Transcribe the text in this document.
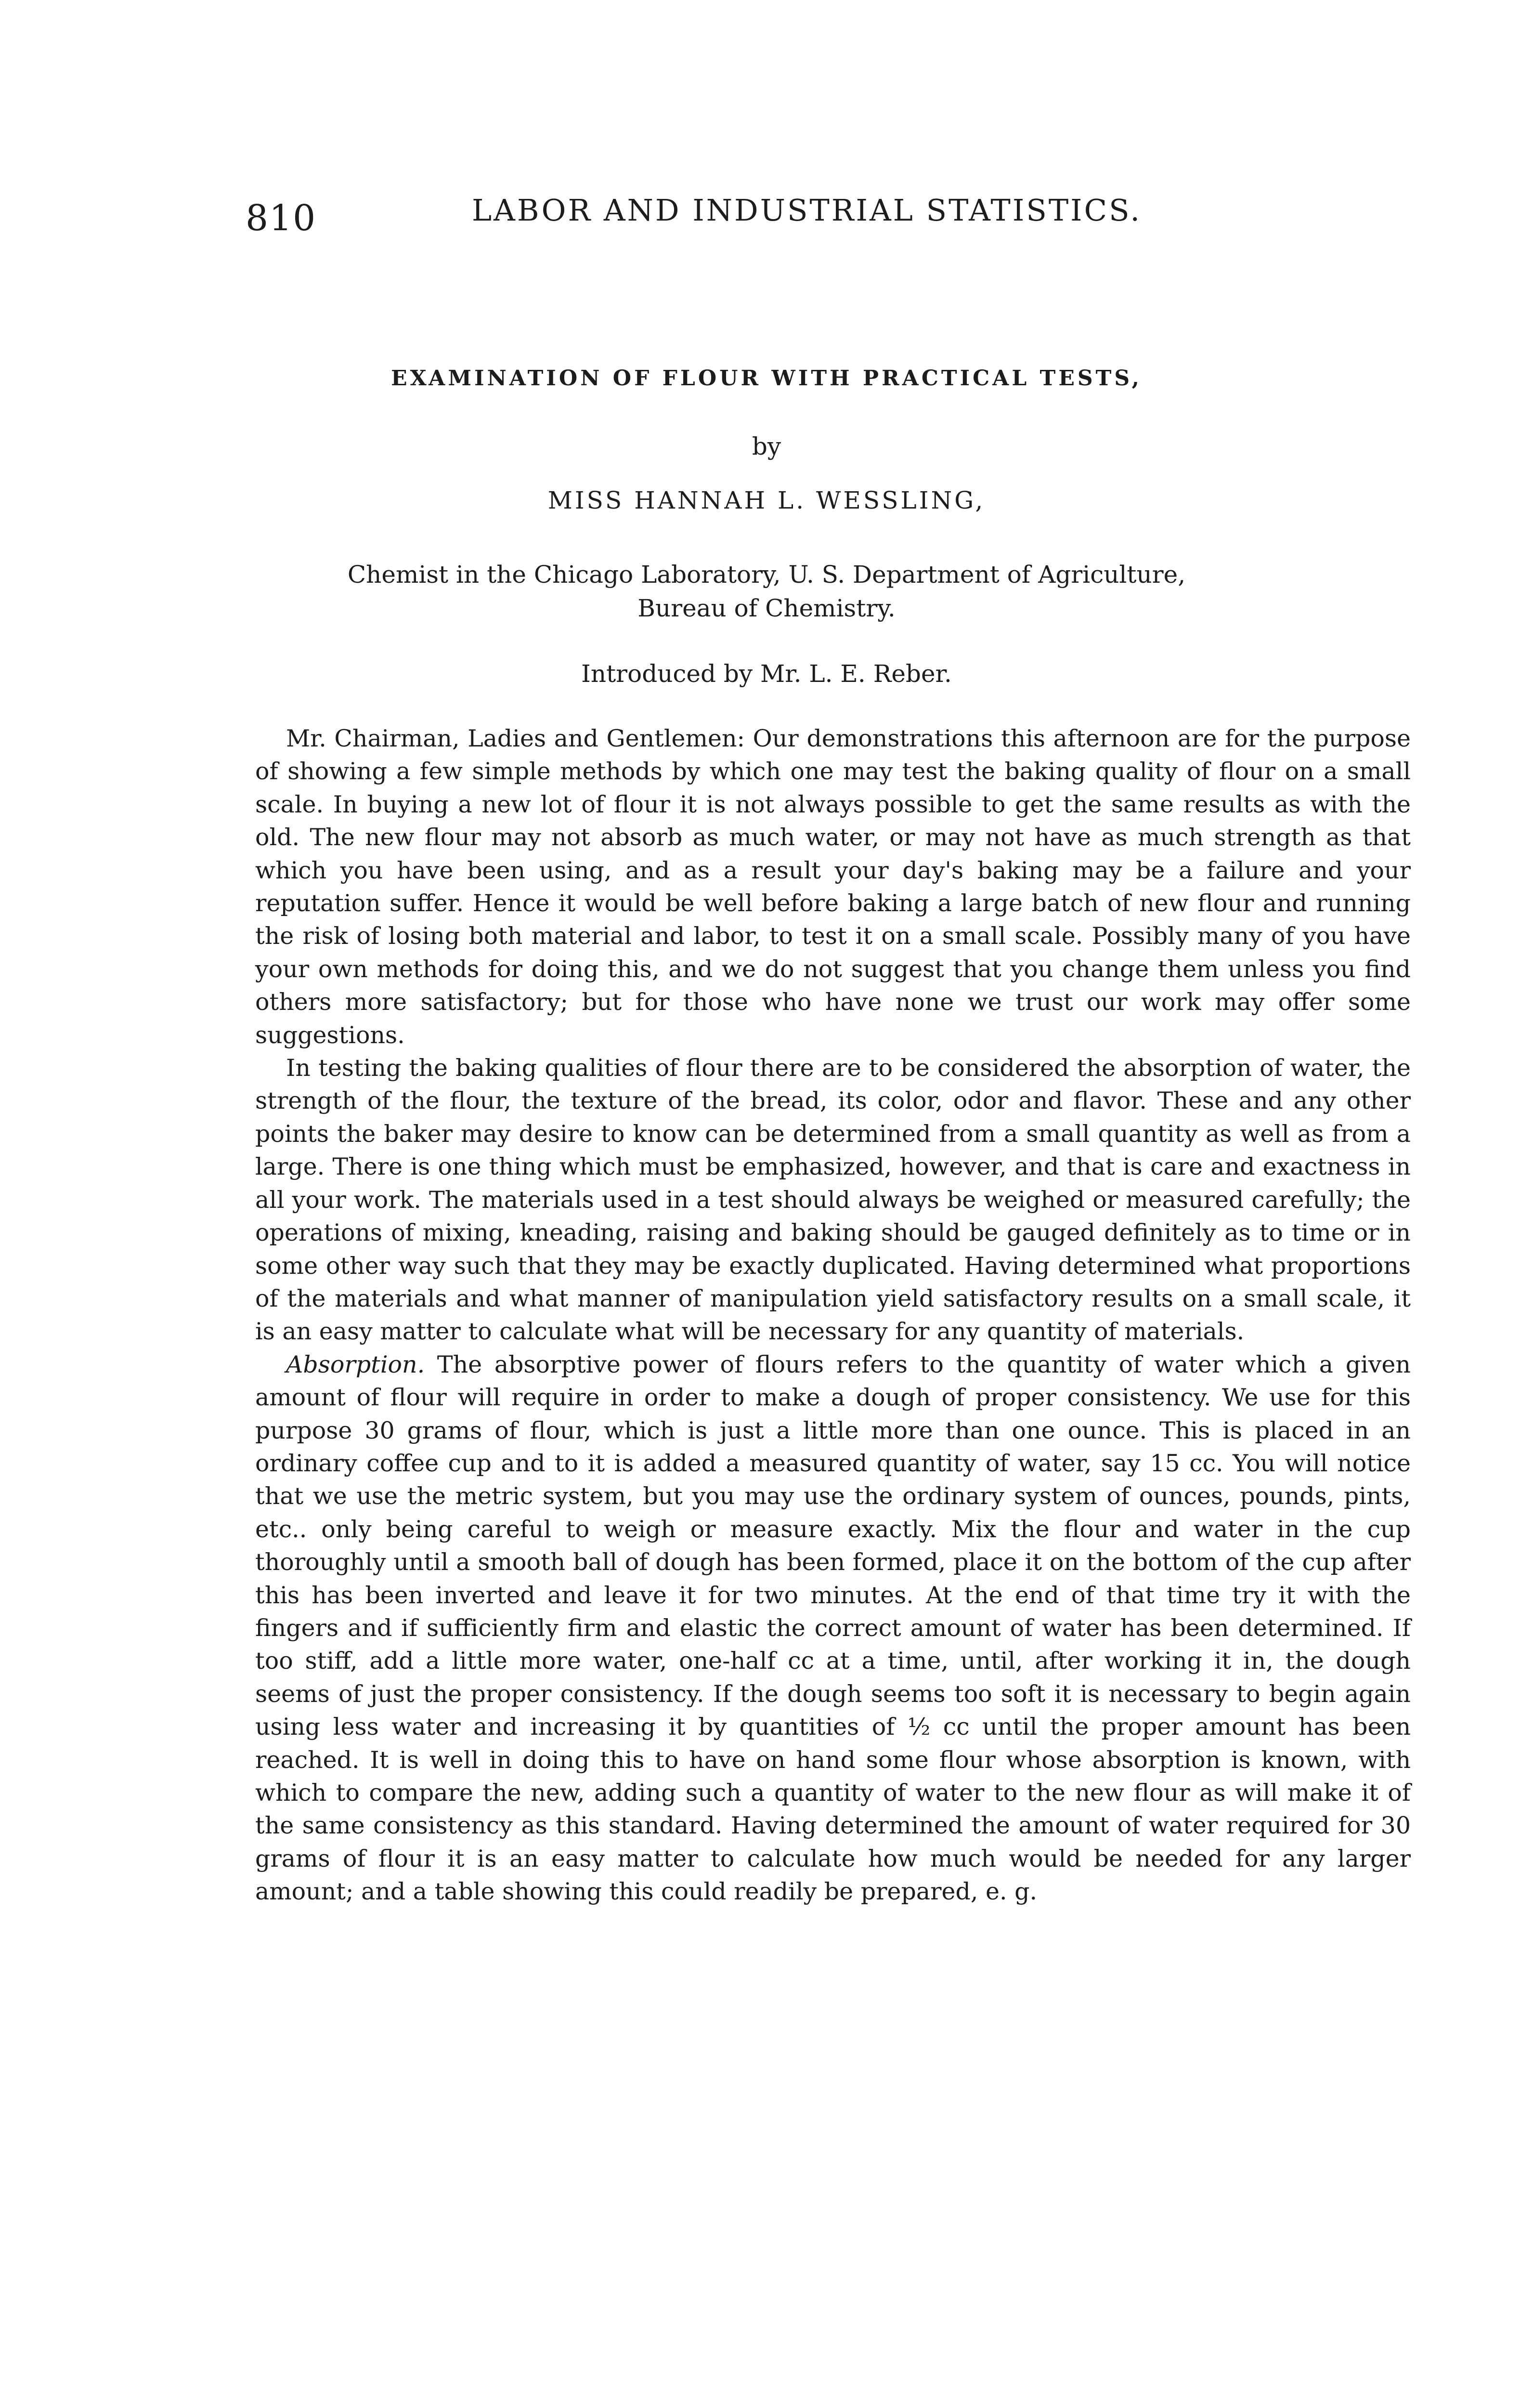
810	LABOR AND INDUSTRIAL STATISTICS.
EXAMINATION OF FLOUR WITH PRACTICAL TESTS,
by
MISS HANNAH L. WESSLING,
Chemist in the Chicago Laboratory, U. S. Department of Agriculture,
Bureau of Chemistry.
Introduced by Mr. L. E. Reber.

Mr. Chairman, Ladies and Gentlemen: Our demonstrations this afternoon are for the purpose of showing a few simple methods by which one may test the baking quality of flour on a small scale. In buying a new lot of flour it is not always possible to get the same results as with the old. The new flour may not absorb as much water, or may not have as much strength as that which you have been using, and as a result your day's baking may be a failure and your reputation suffer. Hence it would be well before baking a large batch of new flour and running the risk of losing both material and labor, to test it on a small scale. Possibly many of you have your own methods for doing this, and we do not suggest that you change them unless you find others more satisfactory; but for those who have none we trust our work may offer some suggestions.

In testing the baking qualities of flour there are to be considered the absorption of water, the strength of the flour, the texture of the bread, its color, odor and flavor. These and any other points the baker may desire to know can be determined from a small quantity as well as from a large. There is one thing which must be emphasized, however, and that is care and exactness in all your work. The materials used in a test should always be weighed or measured carefully; the operations of mixing, kneading, raising and baking should be gauged definitely as to time or in some other way such that they may be exactly duplicated. Having determined what proportions of the materials and what manner of manipulation yield satisfactory results on a small scale, it is an easy matter to calculate what will be necessary for any quantity of materials.

Absorption. The absorptive power of flours refers to the quantity of water which a given amount of flour will require in order to make a dough of proper consistency. We use for this purpose 30 grams of flour, which is just a little more than one ounce. This is placed in an ordinary coffee cup and to it is added a measured quantity of water, say 15 cc. You will notice that we use the metric system, but you may use the ordinary system of ounces, pounds, pints, etc.. only being careful to weigh or measure exactly. Mix the flour and water in the cup thoroughly until a smooth ball of dough has been formed, place it on the bottom of the cup after this has been inverted and leave it for two minutes. At the end of that time try it with the fingers and if sufficiently firm and elastic the correct amount of water has been determined. If too stiff, add a little more water, one-half cc at a time, until, after working it in, the dough seems of just the proper consistency. If the dough seems too soft it is necessary to begin again using less water and increasing it by quantities of ½ cc until the proper amount has been reached. It is well in doing this to have on hand some flour whose absorption is known, with which to compare the new, adding such a quantity of water to the new flour as will make it of the same consistency as this standard. Having determined the amount of water required for 30 grams of flour it is an easy matter to calculate how much would be needed for any larger amount; and a table showing this could readily be prepared, e. g.
